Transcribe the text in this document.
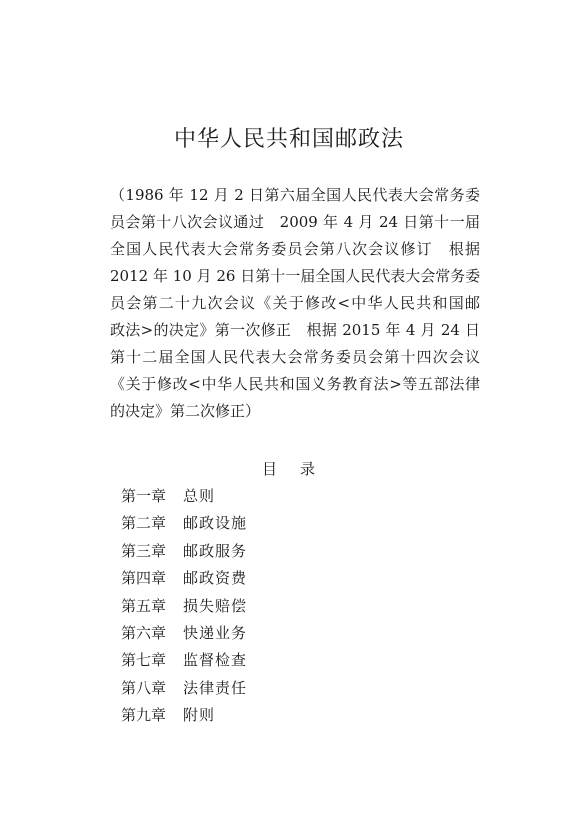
中华人民共和国邮政法
（1986 年 12 月 2 日第六届全国人民代表大会常务委
员会第十八次会议通过　2009 年 4 月 24 日第十一届
全国人民代表大会常务委员会第八次会议修订　根据
2012 年 10 月 26 日第十一届全国人民代表大会常务委
员会第二十九次会议《关于修改<中华人民共和国邮
政法>的决定》第一次修正　根据 2015 年 4 月 24 日
第十二届全国人民代表大会常务委员会第十四次会议
《关于修改<中华人民共和国义务教育法>等五部法律
的决定》第二次修正）
目 录
第一章	总则
第二章	邮政设施
第三章	邮政服务
第四章	邮政资费
第五章	损失赔偿
第六章	快递业务
第七章	监督检查
第八章	法律责任
第九章	附则
